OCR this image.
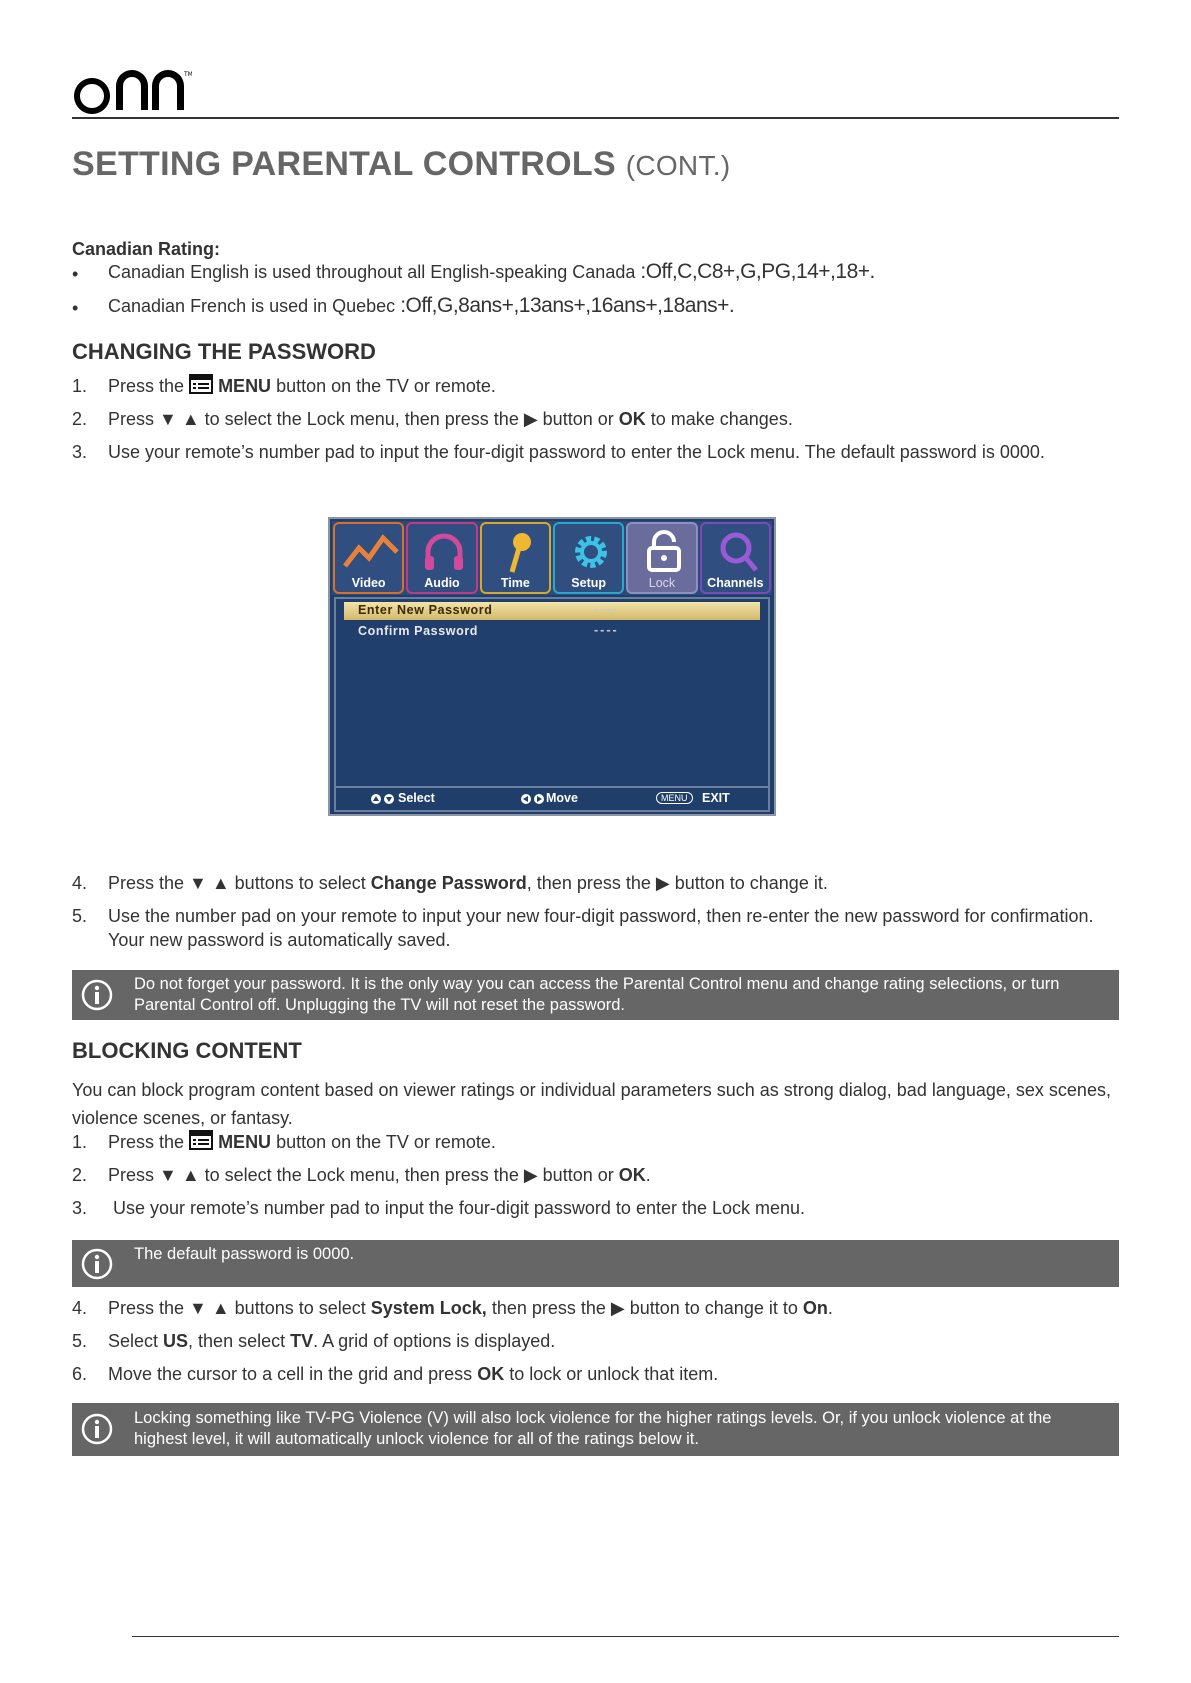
TM
SETTING PARENTAL CONTROLS (CONT.)
Canadian Rating:
• Canadian English is used throughout all English-speaking Canada :Off,C,C8+,G,PG,14+,18+.
• Canadian French is used in Quebec :Off,G,8ans+,13ans+,16ans+,18ans+.
CHANGING THE PASSWORD
1. Press the  MENU button on the TV or remote.
2. Press ▼ ▲ to select the Lock menu, then press the ▶ button or OK to make changes.
3. Use your remote’s number pad to input the four-digit password to enter the Lock menu. The default password is 0000.
Video	Audio	Time	Setup	Lock	Channels
Enter New Password	----
Confirm Password	----
Select	Move	MENU	EXIT
4. Press the ▼ ▲ buttons to select Change Password, then press the ▶ button to change it.
5. Use the number pad on your remote to input your new four-digit password, then re-enter the new password for confirmation. Your new password is automatically saved.
Do not forget your password. It is the only way you can access the Parental Control menu and change rating selections, or turn Parental Control off. Unplugging the TV will not reset the password.
BLOCKING CONTENT
You can block program content based on viewer ratings or individual parameters such as strong dialog, bad language, sex scenes, violence scenes, or fantasy.
1. Press the  MENU button on the TV or remote.
2. Press ▼ ▲ to select the Lock menu, then press the ▶ button or OK.
3. Use your remote’s number pad to input the four-digit password to enter the Lock menu.
The default password is 0000.
4. Press the ▼ ▲ buttons to select System Lock, then press the ▶ button to change it to On.
5. Select US, then select TV. A grid of options is displayed.
6. Move the cursor to a cell in the grid and press OK to lock or unlock that item.
Locking something like TV-PG Violence (V) will also lock violence for the higher ratings levels. Or, if you unlock violence at the highest level, it will automatically unlock violence for all of the ratings below it.
